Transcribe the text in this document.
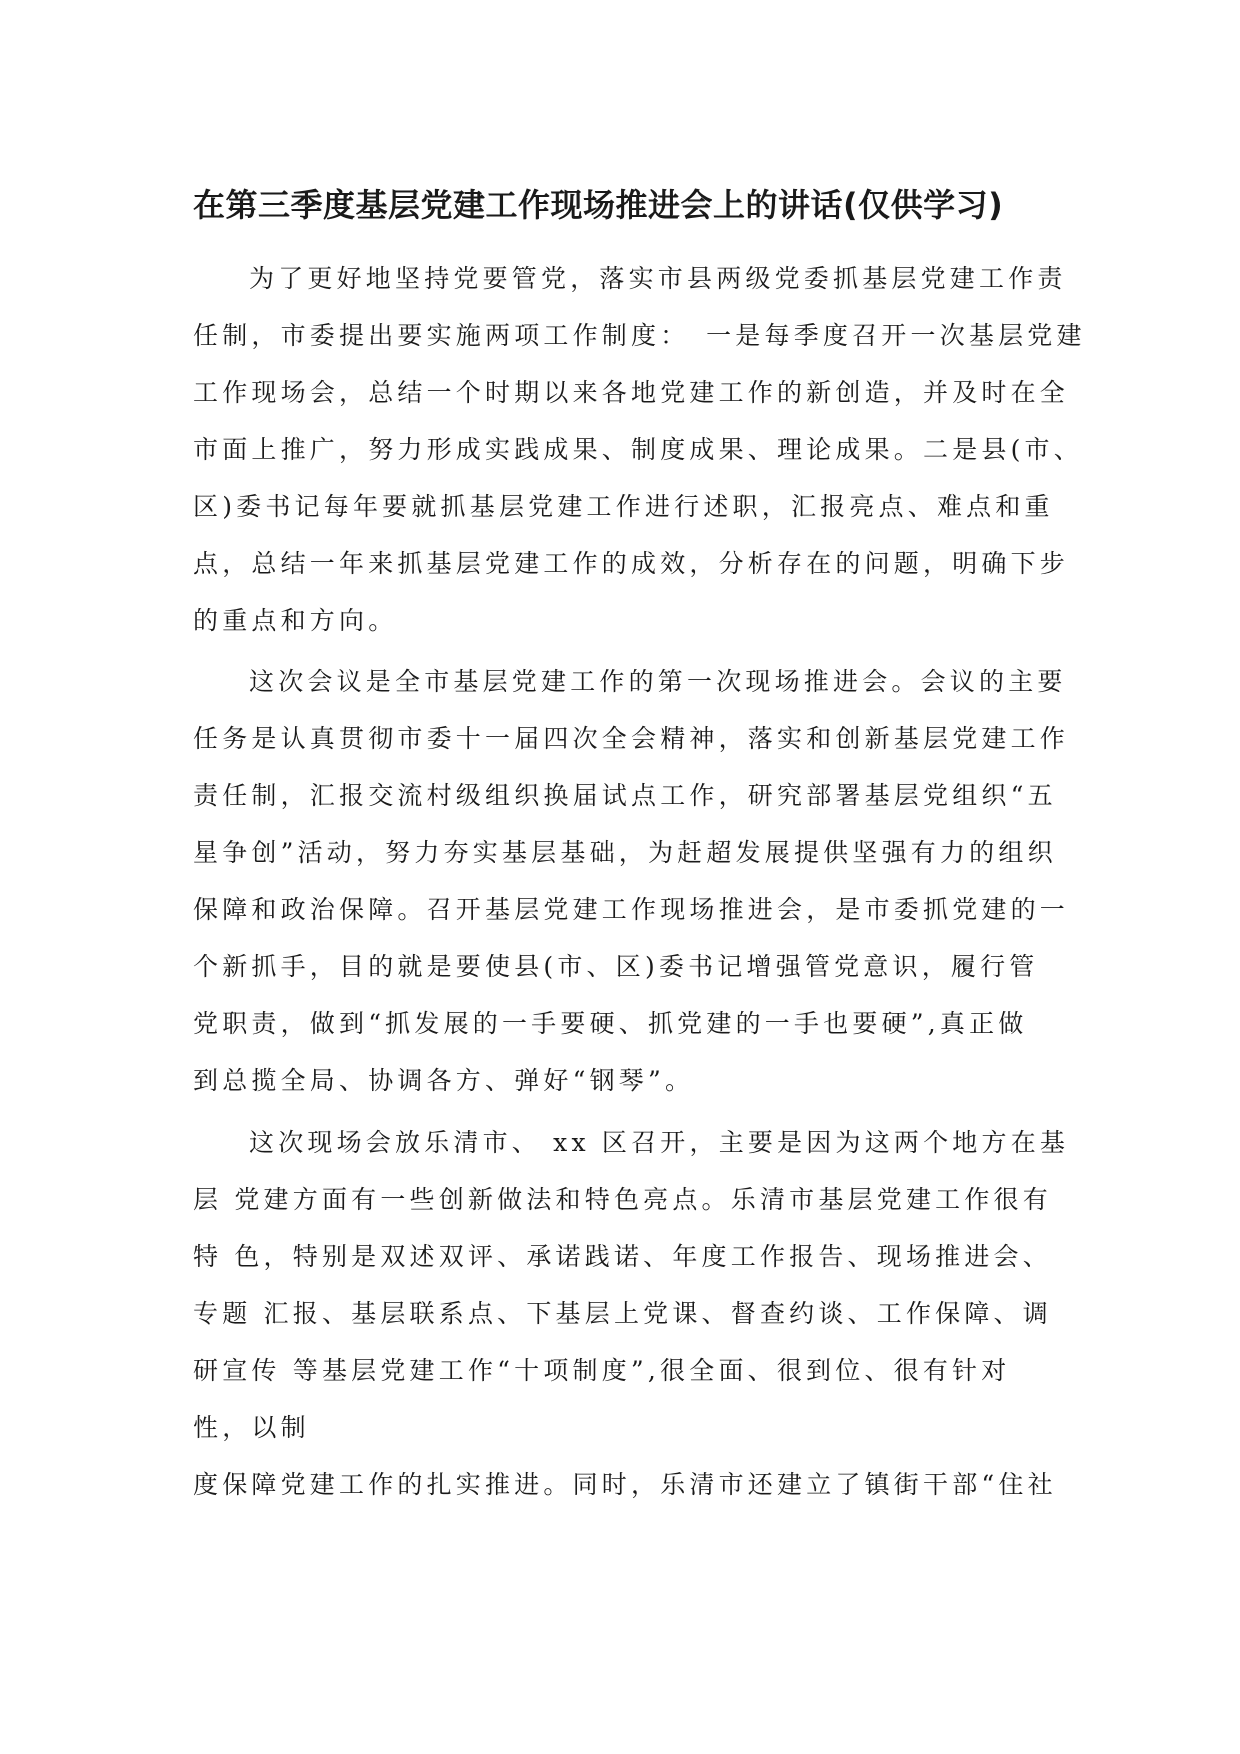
在第三季度基层党建工作现场推进会上的讲话(仅供学习)
为了更好地坚持党要管党，落实市县两级党委抓基层党建工作责
任制，市委提出要实施两项工作制度：　一是每季度召开一次基层党建
工作现场会，总结一个时期以来各地党建工作的新创造，并及时在全
市面上推广，努力形成实践成果、制度成果、理论成果。二是县(市、
区)委书记每年要就抓基层党建工作进行述职，汇报亮点、难点和重
点，总结一年来抓基层党建工作的成效，分析存在的问题，明确下步
的重点和方向。
这次会议是全市基层党建工作的第一次现场推进会。会议的主要
任务是认真贯彻市委十一届四次全会精神，落实和创新基层党建工作
责任制，汇报交流村级组织换届试点工作，研究部署基层党组织“五
星争创”活动，努力夯实基层基础，为赶超发展提供坚强有力的组织
保障和政治保障。召开基层党建工作现场推进会，是市委抓党建的一
个新抓手，目的就是要使县(市、区)委书记增强管党意识，履行管
党职责，做到“抓发展的一手要硬、抓党建的一手也要硬”,真正做
到总揽全局、协调各方、弹好“钢琴”。
这次现场会放乐清市、 xx 区召开，主要是因为这两个地方在基
层 党建方面有一些创新做法和特色亮点。乐清市基层党建工作很有
特 色，特别是双述双评、承诺践诺、年度工作报告、现场推进会、
专题 汇报、基层联系点、下基层上党课、督查约谈、工作保障、调
研宣传 等基层党建工作“十项制度”,很全面、很到位、很有针对
性，以制
度保障党建工作的扎实推进。同时，乐清市还建立了镇街干部“住社
